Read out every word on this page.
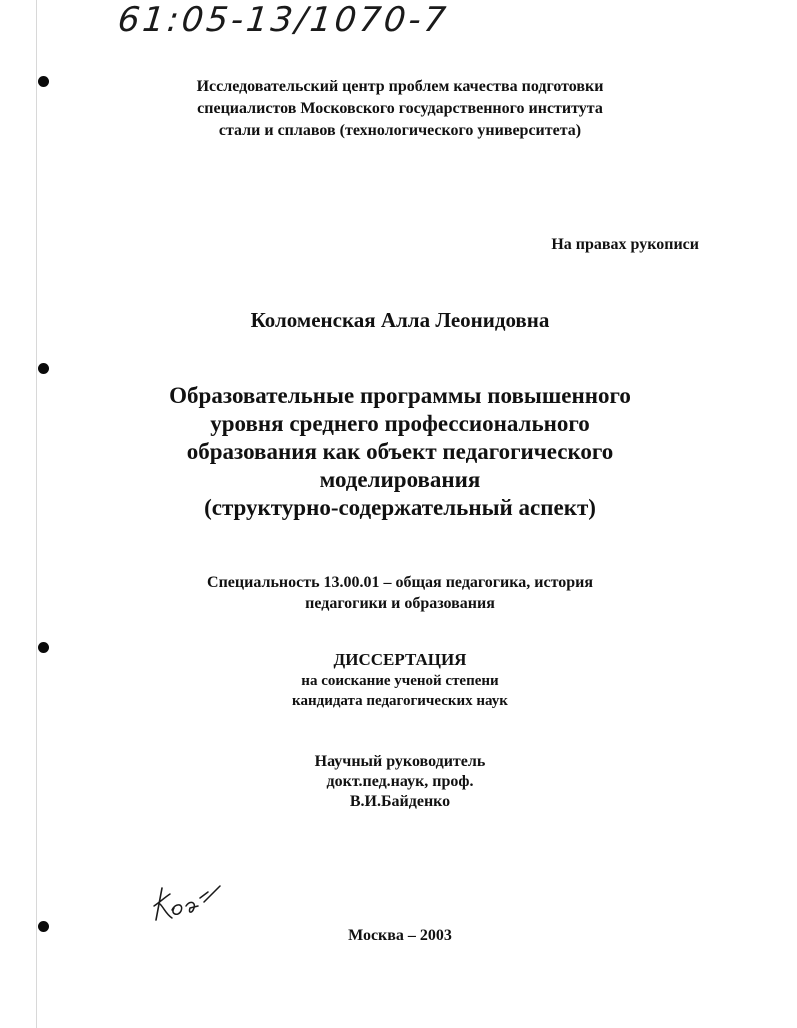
61:05-13/1070-7
Исследовательский центр проблем качества подготовки
специалистов Московского государственного института
стали и сплавов (технологического университета)
На правах рукописи
Коломенская Алла Леонидовна
Образовательные программы повышенного
уровня среднего профессионального
образования как объект педагогического
моделирования
(структурно-содержательный аспект)
Специальность 13.00.01 – общая педагогика, история
педагогики и образования
ДИССЕРТАЦИЯ
на соискание ученой степени
кандидата педагогических наук
Научный руководитель
докт.пед.наук, проф.
В.И.Байденко
Москва – 2003
